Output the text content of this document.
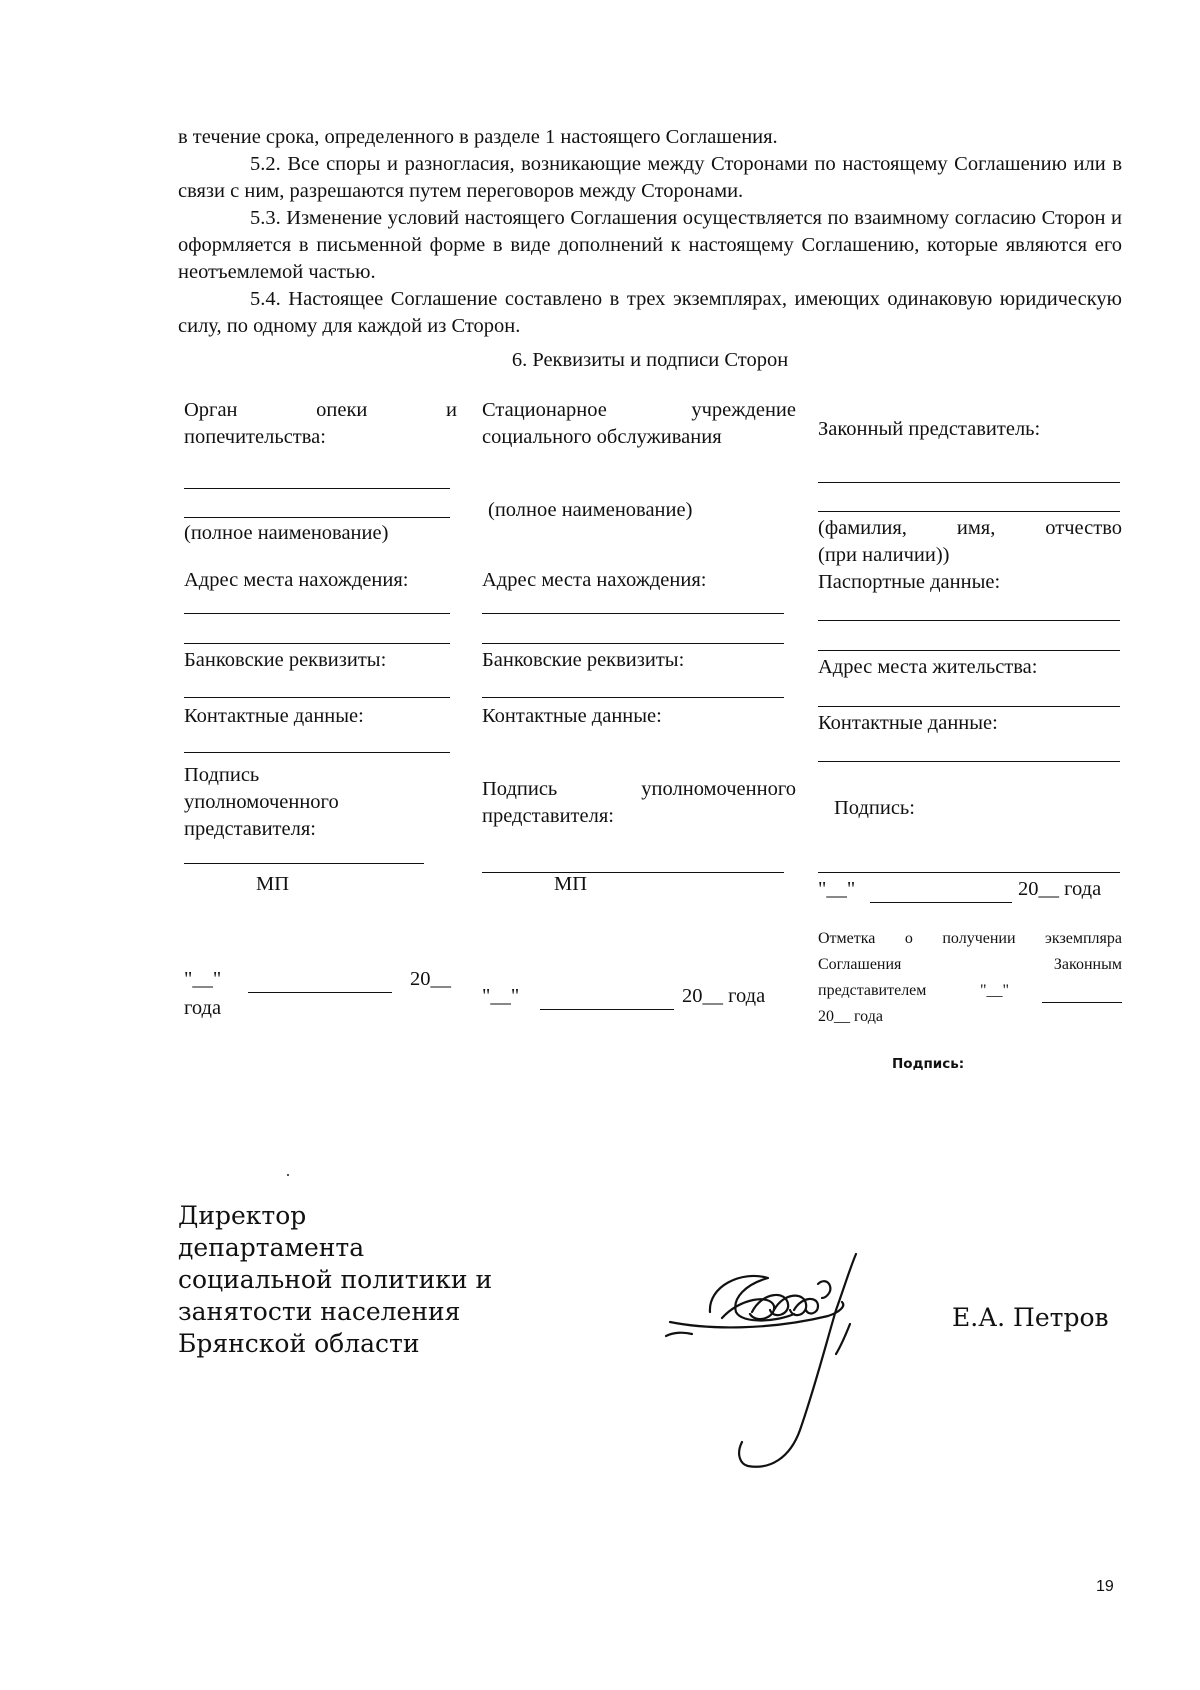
в течение срока, определенного в разделе 1 настоящего Соглашения.
5.2. Все споры и разногласия, возникающие между Сторонами по настоящему Соглашению или в связи с ним, разрешаются путем переговоров между Сторонами.
5.3. Изменение условий настоящего Соглашения осуществляется по взаимному согласию Сторон и оформляется в письменной форме в виде дополнений к настоящему Соглашению, которые являются его неотъемлемой частью.
5.4. Настоящее Соглашение составлено в трех экземплярах, имеющих одинаковую юридическую силу, по одному для каждой из Сторон.
6. Реквизиты и подписи Сторон
Орган опеки и
попечительства:
(полное наименование)
Адрес места нахождения:
Банковские реквизиты:
Контактные данные:
Подпись уполномоченного представителя:
МП
"__"	20__
года
Стационарное учреждение
социального обслуживания
(полное наименование)
Адрес места нахождения:
Банковские реквизиты:
Контактные данные:
Подпись уполномоченного
представителя:
МП
"__"	20__ года
Законный представитель:
(фамилия, имя, отчество
(при наличии))
Паспортные данные:
Адрес места жительства:
Контактные данные:
Подпись:
"__"	20__ года
Отметка о получении экземпляра
Соглашения Законным
представителем	"__"
20__ года
Подпись:
Директор департамента социальной политики и занятости населения Брянской области
Е.А. Петров
19
